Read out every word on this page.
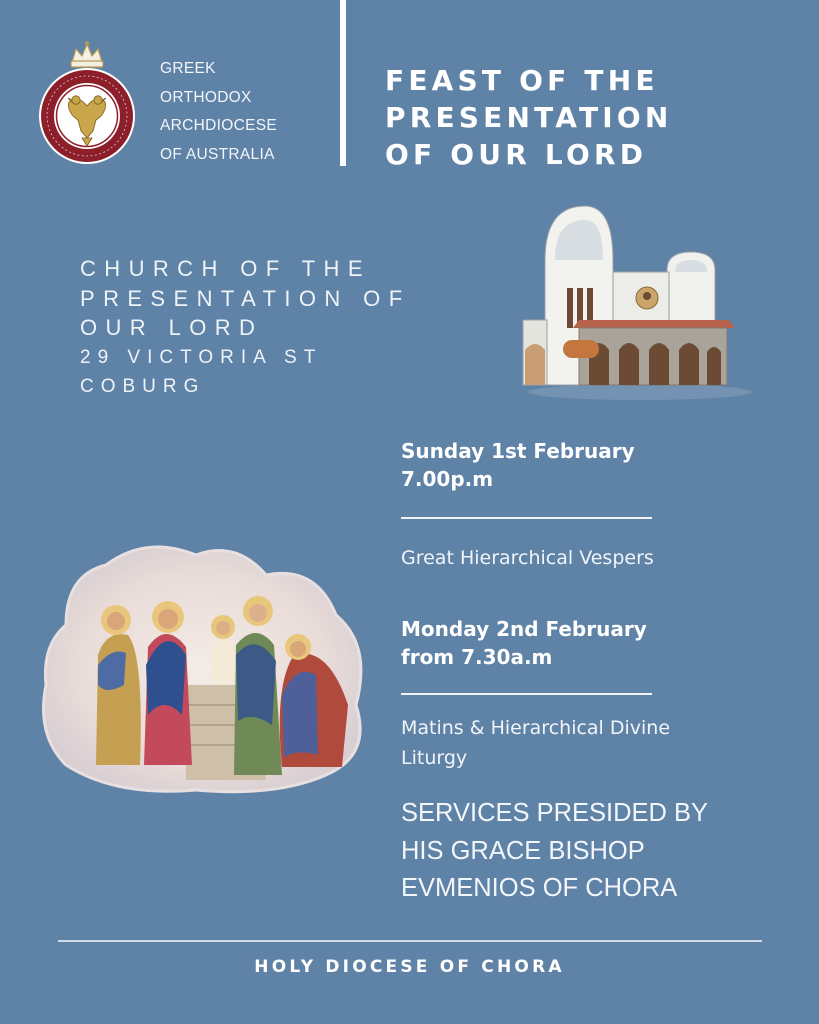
GREEK
ORTHODOX
ARCHDIOCESE
OF AUSTRALIA
FEAST OF THE
PRESENTATION
OF OUR LORD
CHURCH OF THE
PRESENTATION OF
OUR LORD
29 VICTORIA ST
COBURG
Sunday 1st February
7.00p.m
Great Hierarchical Vespers
Monday 2nd February
from 7.30a.m
Matins & Hierarchical Divine
Liturgy
SERVICES PRESIDED BY
HIS GRACE BISHOP
EVMENIOS OF CHORA
HOLY DIOCESE OF CHORA
